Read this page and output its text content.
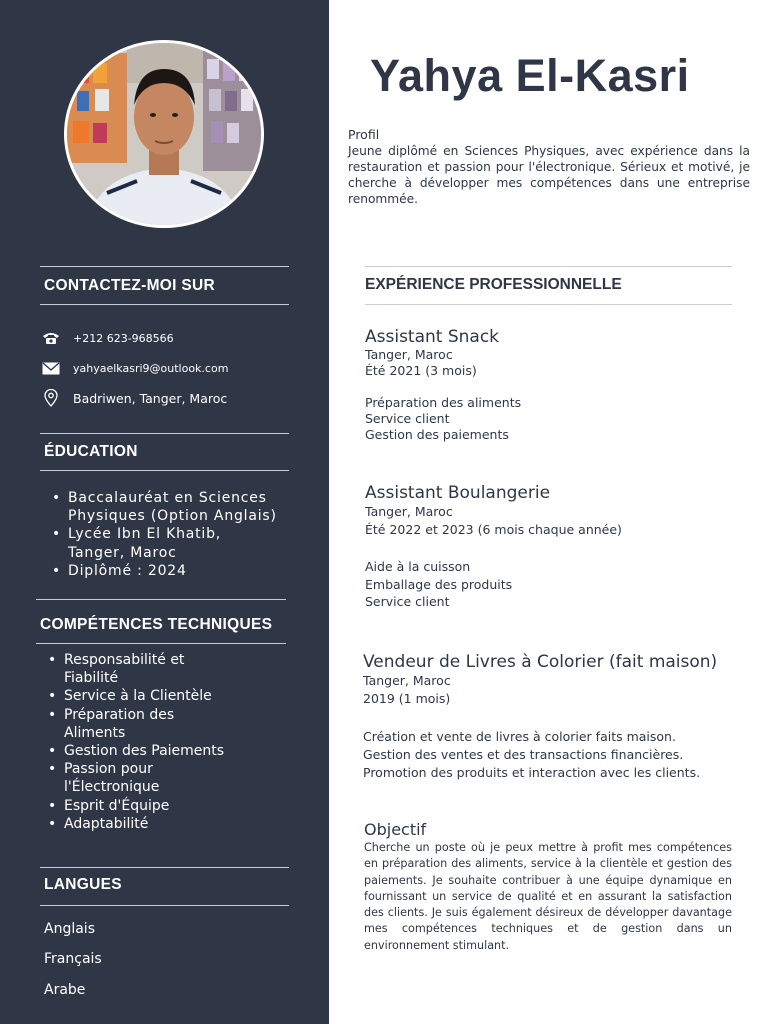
CONTACTEZ-MOI SUR
+212 623-968566
yahyaelkasri9@outlook.com
Badriwen, Tanger, Maroc
ÉDUCATION
• Baccalauréat en Sciences
Physiques (Option Anglais)
• Lycée Ibn El Khatib,
Tanger, Maroc
• Diplômé : 2024
COMPÉTENCES TECHNIQUES
• Responsabilité et
Fiabilité
• Service à la Clientèle
• Préparation des
Aliments
• Gestion des Paiements
• Passion pour
l'Électronique
• Esprit d'Équipe
• Adaptabilité
LANGUES
Anglais
Français
Arabe
Yahya El-Kasri
Profil
Jeune diplômé en Sciences Physiques, avec expérience dans la restauration et passion pour l'électronique. Sérieux et motivé, je cherche à développer mes compétences dans une entreprise renommée.
EXPÉRIENCE PROFESSIONNELLE
Assistant Snack
Tanger, Maroc
Été 2021 (3 mois)
Préparation des aliments
Service client
Gestion des paiements
Assistant Boulangerie
Tanger, Maroc
Été 2022 et 2023 (6 mois chaque année)
Aide à la cuisson
Emballage des produits
Service client
Vendeur de Livres à Colorier (fait maison)
Tanger, Maroc
2019 (1 mois)
Création et vente de livres à colorier faits maison.
Gestion des ventes et des transactions financières.
Promotion des produits et interaction avec les clients.
Objectif
Cherche un poste où je peux mettre à profit mes compétences en préparation des aliments, service à la clientèle et gestion des paiements. Je souhaite contribuer à une équipe dynamique en fournissant un service de qualité et en assurant la satisfaction des clients. Je suis également désireux de développer davantage mes compétences techniques et de gestion dans un environnement stimulant.
